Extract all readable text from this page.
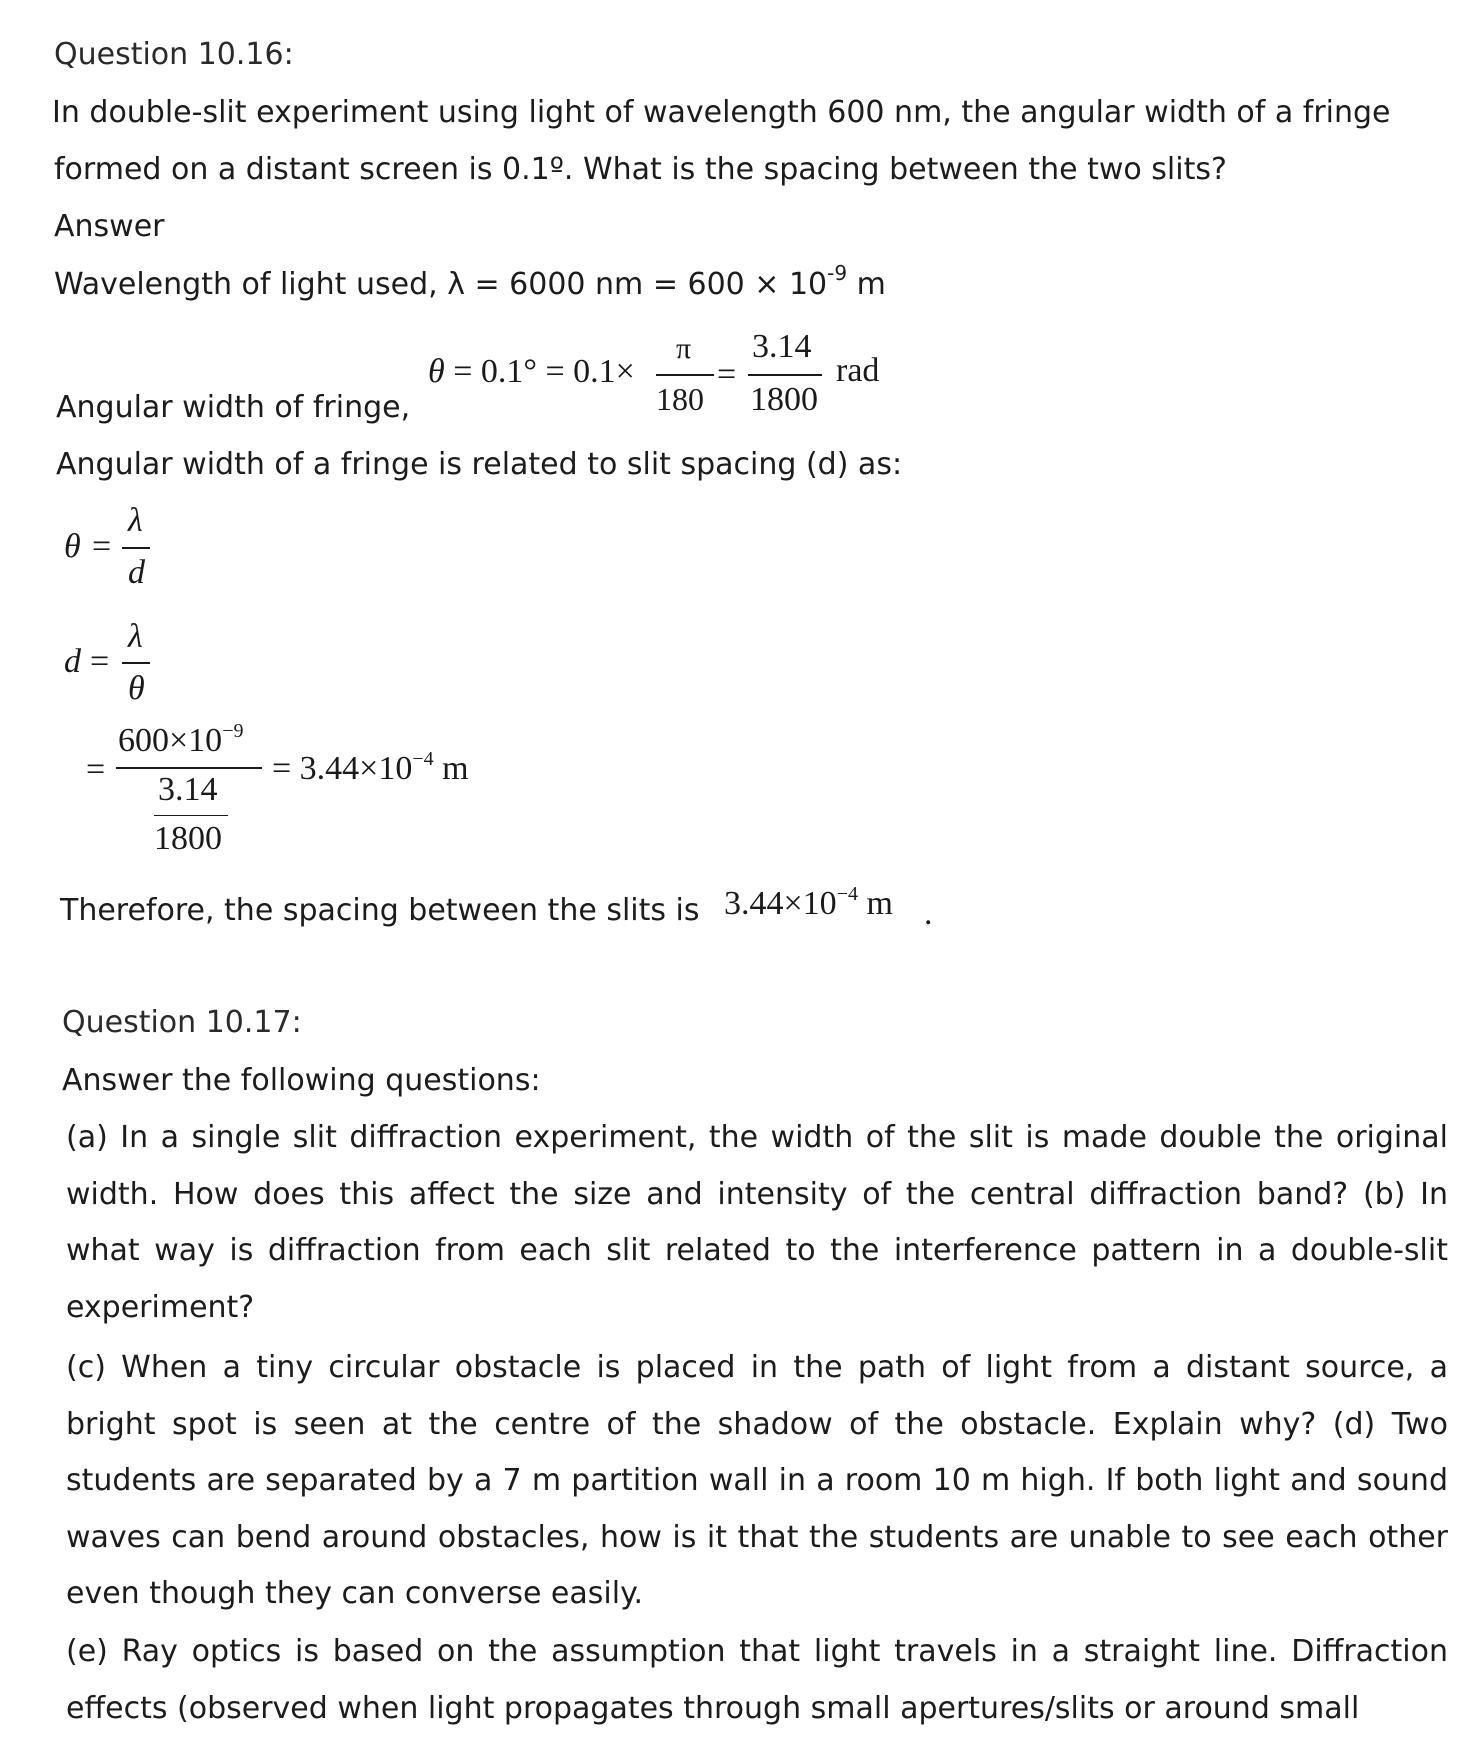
Question 10.16:
In double-slit experiment using light of wavelength 600 nm, the angular width of a fringe
formed on a distant screen is 0.1º. What is the spacing between the two slits?
Answer
Wavelength of light used, λ = 6000 nm = $600 \times 10^{-9}$ m
θ = 0.1° = 0.1×
π
180
=
3.14
1800
rad
Angular width of fringe,
Angular width of a fringe is related to slit spacing (d) as:
θ =
λ
d
d =
λ
θ
=
$600\times 10^{-9}$
3.14
1800
= $3.44\times 10^{-4}$ m
Therefore, the spacing between the slits is $3.44\times 10^{-4}$ m .
Question 10.17:
Answer the following questions:
(a) In a single slit diffraction experiment, the width of the slit is made double the original width. How does this affect the size and intensity of the central diffraction band? (b) In what way is diffraction from each slit related to the interference pattern in a double-slit experiment?
(c) When a tiny circular obstacle is placed in the path of light from a distant source, a bright spot is seen at the centre of the shadow of the obstacle. Explain why? (d) Two students are separated by a 7 m partition wall in a room 10 m high. If both light and sound waves can bend around obstacles, how is it that the students are unable to see each other even though they can converse easily.
(e) Ray optics is based on the assumption that light travels in a straight line. Diffraction effects (observed when light propagates through small apertures/slits or around small
